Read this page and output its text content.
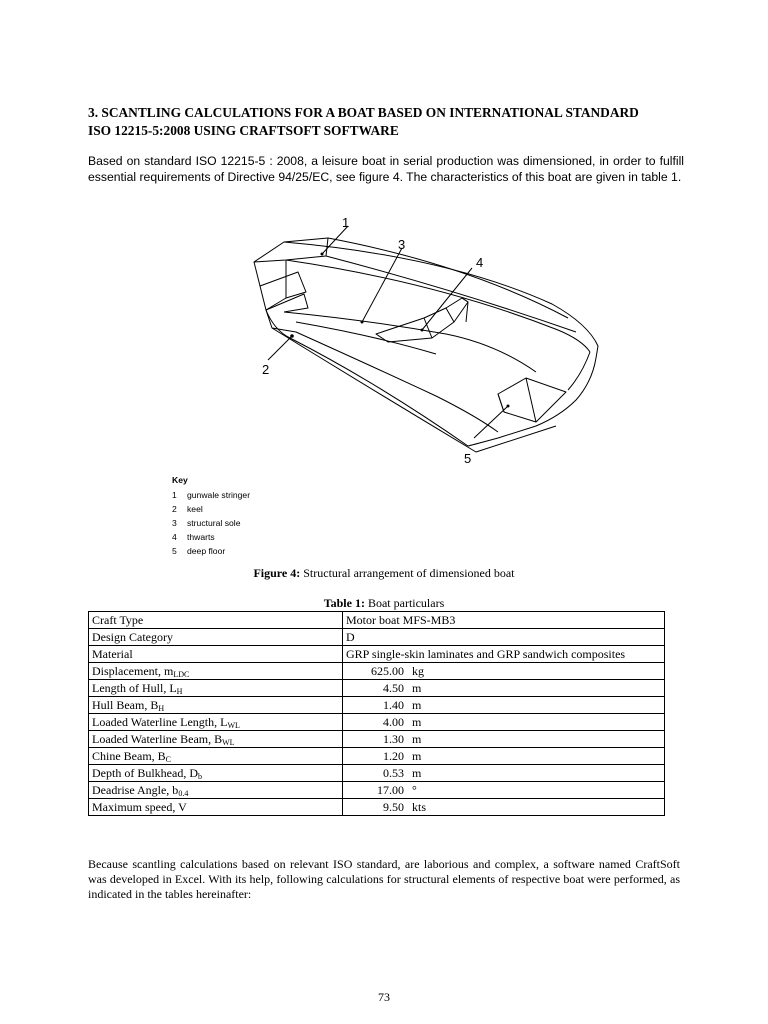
3. SCANTLING CALCULATIONS FOR A BOAT BASED ON INTERNATIONAL STANDARD
ISO 12215-5:2008 USING CRAFTSOFT SOFTWARE
Based on standard ISO 12215-5 : 2008, a leisure boat in serial production was dimensioned, in order to fulfill essential requirements of Directive 94/25/EC, see figure 4. The characteristics of this boat are given in table 1.
1
3
4
2
5
Key
1	gunwale stringer
2	keel
3	structural sole
4	thwarts
5	deep floor
Figure 4: Structural arrangement of dimensioned boat
Table 1: Boat particulars
Craft Type	Motor boat MFS-MB3
Design Category	D
Material	GRP single-skin laminates and GRP sandwich composites
Displacement, $m_{LDC}$	625.00 kg
Length of Hull, $L_H$	4.50 m
Hull Beam, $B_H$	1.40 m
Loaded Waterline Length, $L_{WL}$	4.00 m
Loaded Waterline Beam, $B_{WL}$	1.30 m
Chine Beam, $B_C$	1.20 m
Depth of Bulkhead, $D_b$	0.53 m
Deadrise Angle, $b_{0.4}$	17.00 °
Maximum speed, V	9.50 kts
Because scantling calculations based on relevant ISO standard, are laborious and complex, a software named CraftSoft was developed in Excel. With its help, following calculations for structural elements of respective boat were performed, as indicated in the tables hereinafter:
73
